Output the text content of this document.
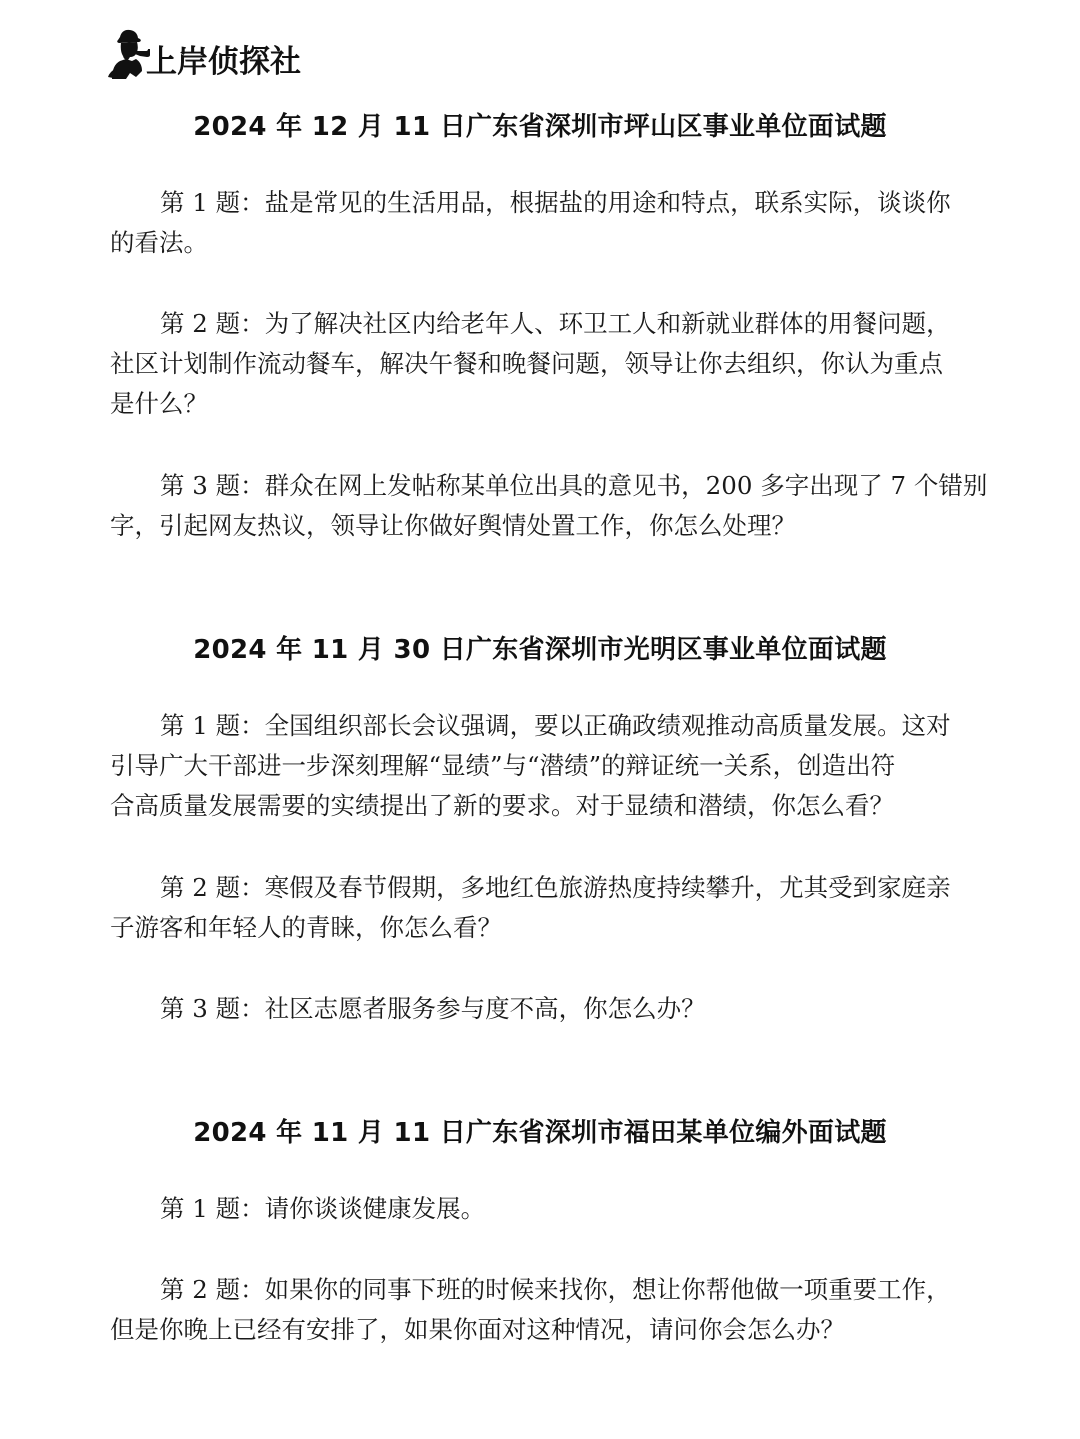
上岸侦探社
2024 年 12 月 11 日广东省深圳市坪山区事业单位面试题

第 1 题：盐是常见的生活用品，根据盐的用途和特点，联系实际，谈谈你
的看法。

第 2 题：为了解决社区内给老年人、环卫工人和新就业群体的用餐问题，
社区计划制作流动餐车，解决午餐和晚餐问题，领导让你去组织，你认为重点
是什么？

第 3 题：群众在网上发帖称某单位出具的意见书，200 多字出现了 7 个错别
字，引起网友热议，领导让你做好舆情处置工作，你怎么处理？

2024 年 11 月 30 日广东省深圳市光明区事业单位面试题

第 1 题：全国组织部长会议强调，要以正确政绩观推动高质量发展。这对
引导广大干部进一步深刻理解“显绩”与“潜绩”的辩证统一关系，创造出符
合高质量发展需要的实绩提出了新的要求。对于显绩和潜绩，你怎么看？

第 2 题：寒假及春节假期，多地红色旅游热度持续攀升，尤其受到家庭亲
子游客和年轻人的青睐，你怎么看？

第 3 题：社区志愿者服务参与度不高，你怎么办？

2024 年 11 月 11 日广东省深圳市福田某单位编外面试题

第 1 题：请你谈谈健康发展。

第 2 题：如果你的同事下班的时候来找你，想让你帮他做一项重要工作，
但是你晚上已经有安排了，如果你面对这种情况，请问你会怎么办？
